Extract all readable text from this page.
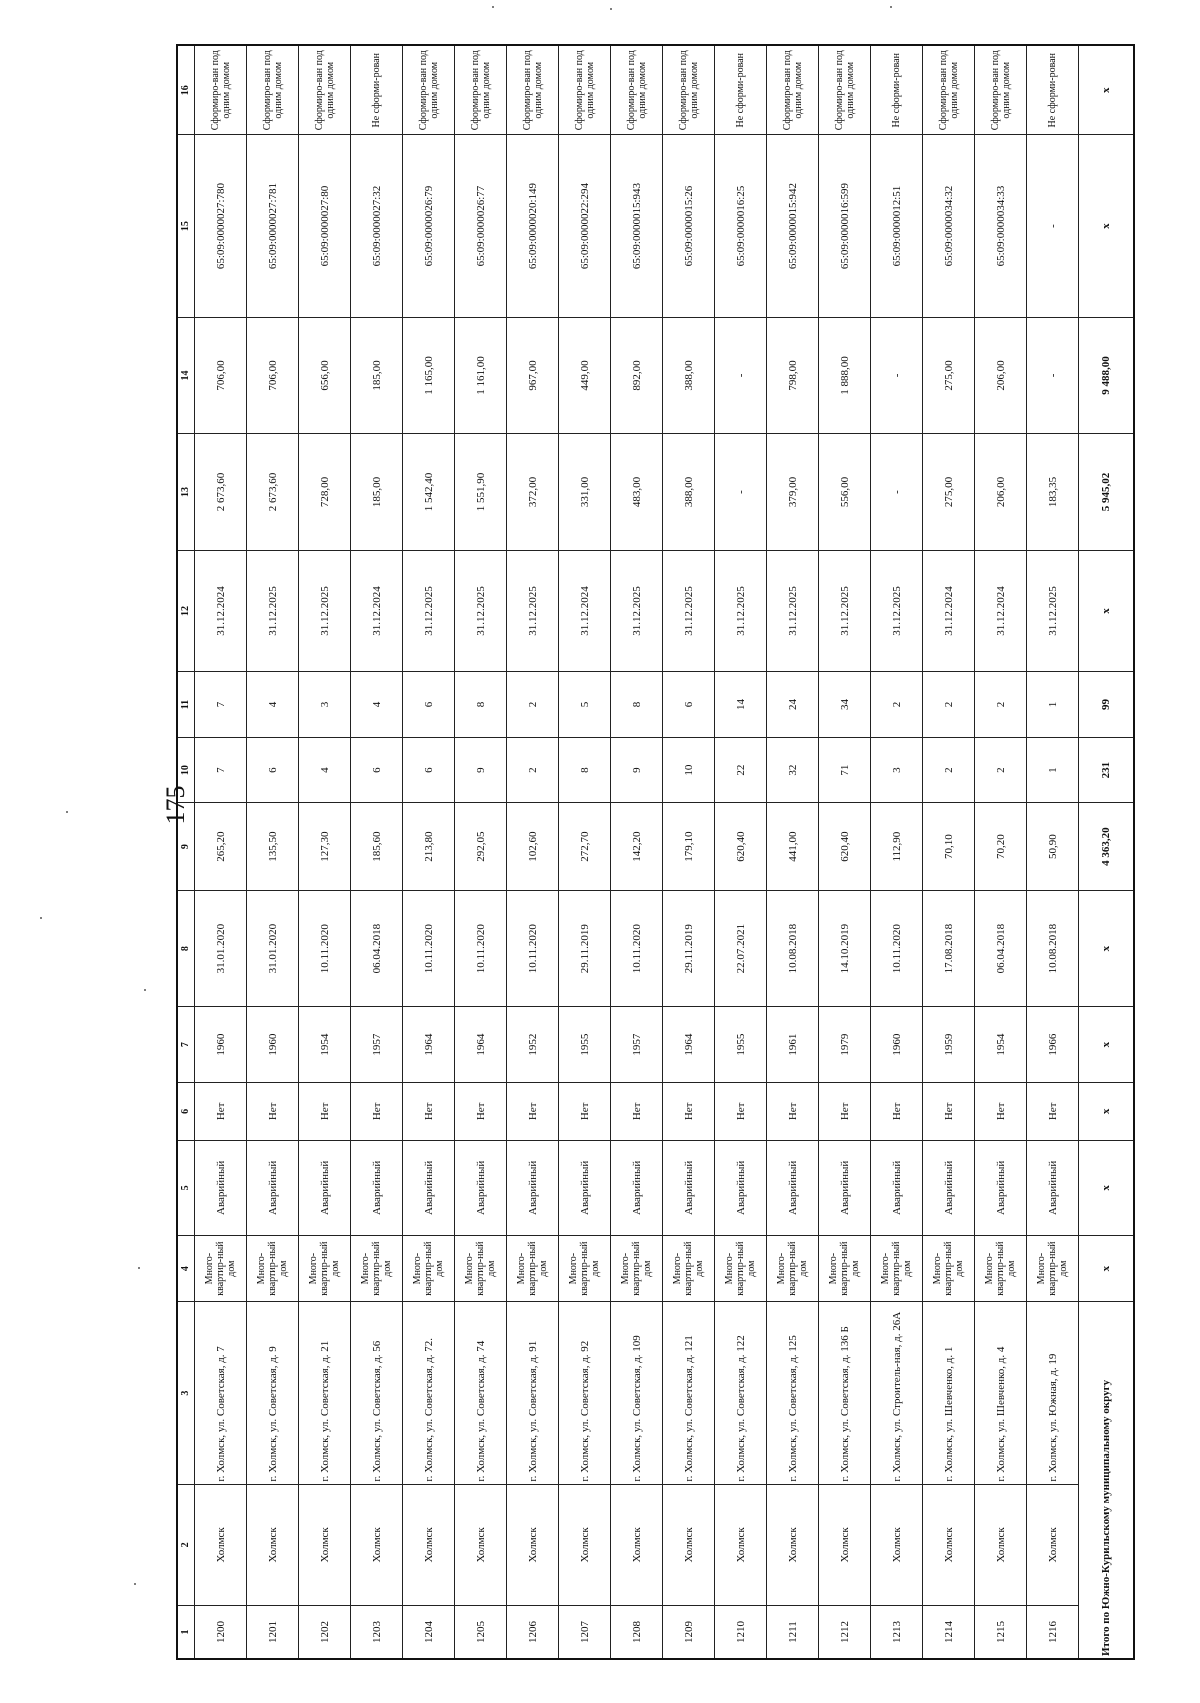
175
1	2	3	4	5	6	7	8	9	10	11	12	13	14	15	16
1200	Холмск	г. Холмск, ул. Советская, д. 7	Много-квартир-ный дом	Аварийный	Нет	1960	31.01.2020	265,20	7	7	31.12.2024	2 673,60	706,00	65:09:0000027:780	Сформиро-ван под одним домом
1201	Холмск	г. Холмск, ул. Советская, д. 9	Много-квартир-ный дом	Аварийный	Нет	1960	31.01.2020	135,50	6	4	31.12.2025	2 673,60	706,00	65:09:0000027:781	Сформиро-ван под одним домом
1202	Холмск	г. Холмск, ул. Советская, д. 21	Много-квартир-ный дом	Аварийный	Нет	1954	10.11.2020	127,30	4	3	31.12.2025	728,00	656,00	65:09:0000027:80	Сформиро-ван под одним домом
1203	Холмск	г. Холмск, ул. Советская, д. 56	Много-квартир-ный дом	Аварийный	Нет	1957	06.04.2018	185,60	6	4	31.12.2024	185,00	185,00	65:09:0000027:32	Не сформи-рован
1204	Холмск	г. Холмск, ул. Советская, д. 72.	Много-квартир-ный дом	Аварийный	Нет	1964	10.11.2020	213,80	6	6	31.12.2025	1 542,40	1 165,00	65:09:0000026:79	Сформиро-ван под одним домом
1205	Холмск	г. Холмск, ул. Советская, д. 74	Много-квартир-ный дом	Аварийный	Нет	1964	10.11.2020	292,05	9	8	31.12.2025	1 551,90	1 161,00	65:09:0000026:77	Сформиро-ван под одним домом
1206	Холмск	г. Холмск, ул. Советская, д. 91	Много-квартир-ный дом	Аварийный	Нет	1952	10.11.2020	102,60	2	2	31.12.2025	372,00	967,00	65:09:0000020:149	Сформиро-ван под одним домом
1207	Холмск	г. Холмск, ул. Советская, д. 92	Много-квартир-ный дом	Аварийный	Нет	1955	29.11.2019	272,70	8	5	31.12.2024	331,00	449,00	65:09:0000022:294	Сформиро-ван под одним домом
1208	Холмск	г. Холмск, ул. Советская, д. 109	Много-квартир-ный дом	Аварийный	Нет	1957	10.11.2020	142,20	9	8	31.12.2025	483,00	892,00	65:09:0000015:943	Сформиро-ван под одним домом
1209	Холмск	г. Холмск, ул. Советская, д. 121	Много-квартир-ный дом	Аварийный	Нет	1964	29.11.2019	179,10	10	6	31.12.2025	388,00	388,00	65:09:0000015:26	Сформиро-ван под одним домом
1210	Холмск	г. Холмск, ул. Советская, д. 122	Много-квартир-ный дом	Аварийный	Нет	1955	22.07.2021	620,40	22	14	31.12.2025	-	-	65:09:0000016:25	Не сформи-рован
1211	Холмск	г. Холмск, ул. Советская, д. 125	Много-квартир-ный дом	Аварийный	Нет	1961	10.08.2018	441,00	32	24	31.12.2025	379,00	798,00	65:09:0000015:942	Сформиро-ван под одним домом
1212	Холмск	г. Холмск, ул. Советская, д. 136 Б	Много-квартир-ный дом	Аварийный	Нет	1979	14.10.2019	620,40	71	34	31.12.2025	556,00	1 888,00	65:09:0000016:599	Сформиро-ван под одним домом
1213	Холмск	г. Холмск, ул. Строитель-ная, д. 26А	Много-квартир-ный дом	Аварийный	Нет	1960	10.11.2020	112,90	3	2	31.12.2025	-	-	65:09:0000012:51	Не сформи-рован
1214	Холмск	г. Холмск, ул. Шевченко, д. 1	Много-квартир-ный дом	Аварийный	Нет	1959	17.08.2018	70,10	2	2	31.12.2024	275,00	275,00	65:09:0000034:32	Сформиро-ван под одним домом
1215	Холмск	г. Холмск, ул. Шевченко, д. 4	Много-квартир-ный дом	Аварийный	Нет	1954	06.04.2018	70,20	2	2	31.12.2024	206,00	206,00	65:09:0000034:33	Сформиро-ван под одним домом
1216	Холмск	г. Холмск, ул. Южная, д. 19	Много-квартир-ный дом	Аварийный	Нет	1966	10.08.2018	50,90	1	1	31.12.2025	183,35	-	-	Не сформи-рован
Итого по Южно-Курильскому муниципальному округу			x	x	x	x	x	4 363,20	231	99	x	5 945,02	9 488,00	x	x
